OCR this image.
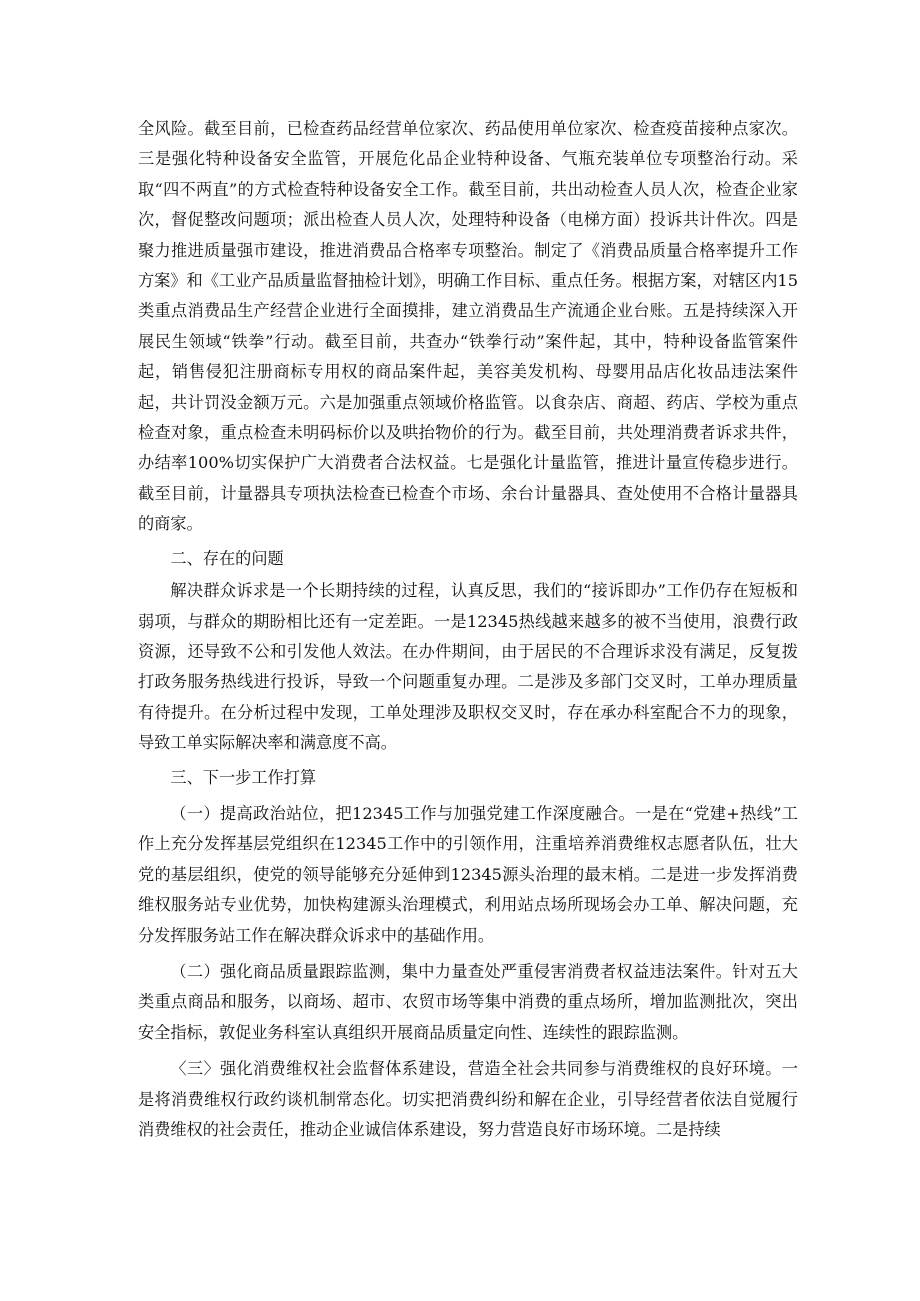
全风险。截至目前，已检查药品经营单位家次、药品使用单位家次、检查疫苗接种点家次。三是强化特种设备安全监管，开展危化品企业特种设备、气瓶充装单位专项整治行动。采取“四不两直”的方式检查特种设备安全工作。截至目前，共出动检查人员人次，检查企业家次，督促整改问题项；派出检查人员人次，处理特种设备（电梯方面）投诉共计件次。四是聚力推进质量强市建设，推进消费品合格率专项整治。制定了《消费品质量合格率提升工作方案》和《工业产品质量监督抽检计划》，明确工作目标、重点任务。根据方案，对辖区内15类重点消费品生产经营企业进行全面摸排，建立消费品生产流通企业台账。五是持续深入开展民生领域“铁拳”行动。截至目前，共查办“铁拳行动”案件起，其中，特种设备监管案件起，销售侵犯注册商标专用权的商品案件起，美容美发机构、母婴用品店化妆品违法案件起，共计罚没金额万元。六是加强重点领域价格监管。以食杂店、商超、药店、学校为重点检查对象，重点检查未明码标价以及哄抬物价的行为。截至目前，共处理消费者诉求共件，办结率100%切实保护广大消费者合法权益。七是强化计量监管，推进计量宣传稳步进行。截至目前，计量器具专项执法检查已检查个市场、余台计量器具、查处使用不合格计量器具的商家。

二、存在的问题

解决群众诉求是一个长期持续的过程，认真反思，我们的“接诉即办”工作仍存在短板和弱项，与群众的期盼相比还有一定差距。一是12345热线越来越多的被不当使用，浪费行政资源，还导致不公和引发他人效法。在办件期间，由于居民的不合理诉求没有满足，反复拨打政务服务热线进行投诉，导致一个问题重复办理。二是涉及多部门交叉时，工单办理质量有待提升。在分析过程中发现，工单处理涉及职权交叉时，存在承办科室配合不力的现象，导致工单实际解决率和满意度不高。

三、下一步工作打算

（一）提高政治站位，把12345工作与加强党建工作深度融合。一是在“党建+热线”工作上充分发挥基层党组织在12345工作中的引领作用，注重培养消费维权志愿者队伍，壮大党的基层组织，使党的领导能够充分延伸到12345源头治理的最末梢。二是进一步发挥消费维权服务站专业优势，加快构建源头治理模式，利用站点场所现场会办工单、解决问题，充分发挥服务站工作在解决群众诉求中的基础作用。

（二）强化商品质量跟踪监测，集中力量查处严重侵害消费者权益违法案件。针对五大类重点商品和服务，以商场、超市、农贸市场等集中消费的重点场所，增加监测批次，突出安全指标，敦促业务科室认真组织开展商品质量定向性、连续性的跟踪监测。

〈三〉强化消费维权社会监督体系建设，营造全社会共同参与消费维权的良好环境。一是将消费维权行政约谈机制常态化。切实把消费纠纷和解在企业，引导经营者依法自觉履行消费维权的社会责任，推动企业诚信体系建设，努力营造良好市场环境。二是持续
